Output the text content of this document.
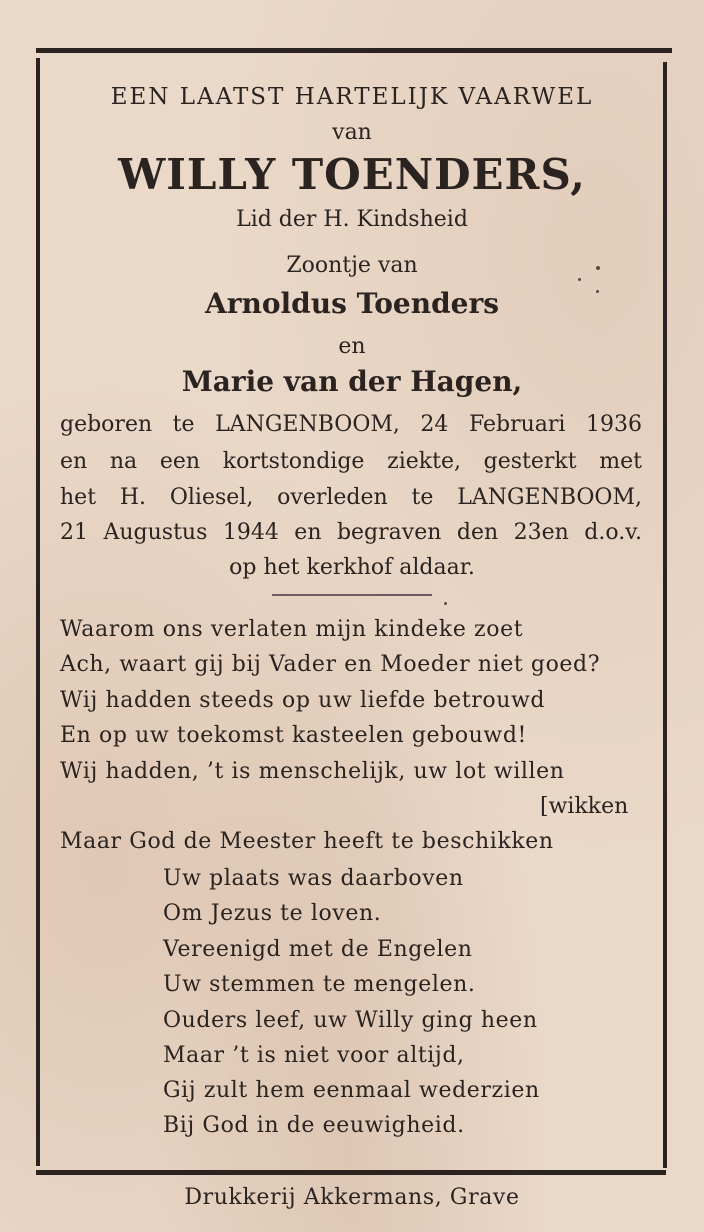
EEN LAATST HARTELIJK VAARWEL
van
WILLY TOENDERS,
Lid der H. Kindsheid
Zoontje van
Arnoldus Toenders
en
Marie van der Hagen,
geboren te LANGENBOOM, 24 Februari 1936
en na een kortstondige ziekte, gesterkt met
het H. Oliesel, overleden te LANGENBOOM,
21 Augustus 1944 en begraven den 23en d.o.v.
op het kerkhof aldaar.
Waarom ons verlaten mijn kindeke zoet
Ach, waart gij bij Vader en Moeder niet goed?
Wij hadden steeds op uw liefde betrouwd
En op uw toekomst kasteelen gebouwd!
Wij hadden, ’t is menschelijk, uw lot willen
[wikken
Maar God de Meester heeft te beschikken
Uw plaats was daarboven
Om Jezus te loven.
Vereenigd met de Engelen
Uw stemmen te mengelen.
Ouders leef, uw Willy ging heen
Maar ’t is niet voor altijd,
Gij zult hem eenmaal wederzien
Bij God in de eeuwigheid.
Drukkerij Akkermans, Grave
